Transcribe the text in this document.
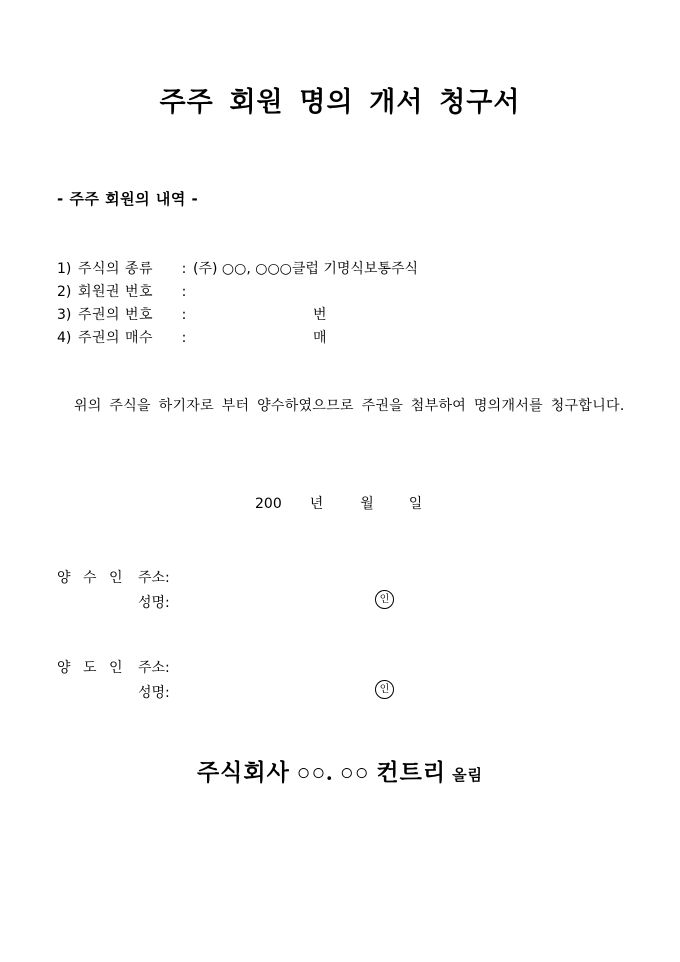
주주 회원 명의 개서 청구서
- 주주 회원의 내역 -
1) 주식의 종류	: (주) ○○, ○○○클럽 기명식보통주식
2) 회원권 번호	:
3) 주권의 번호	:	번
4) 주권의 매수	:	매
위의 주식을 하기자로 부터 양수하였으므로 주권을 첨부하여 명의개서를 청구합니다.
200 년	월	일
양 수 인 주소:
성명:	인
양 도 인 주소:
성명:	인
주식회사 ○○. ○○ 컨트리 올림
